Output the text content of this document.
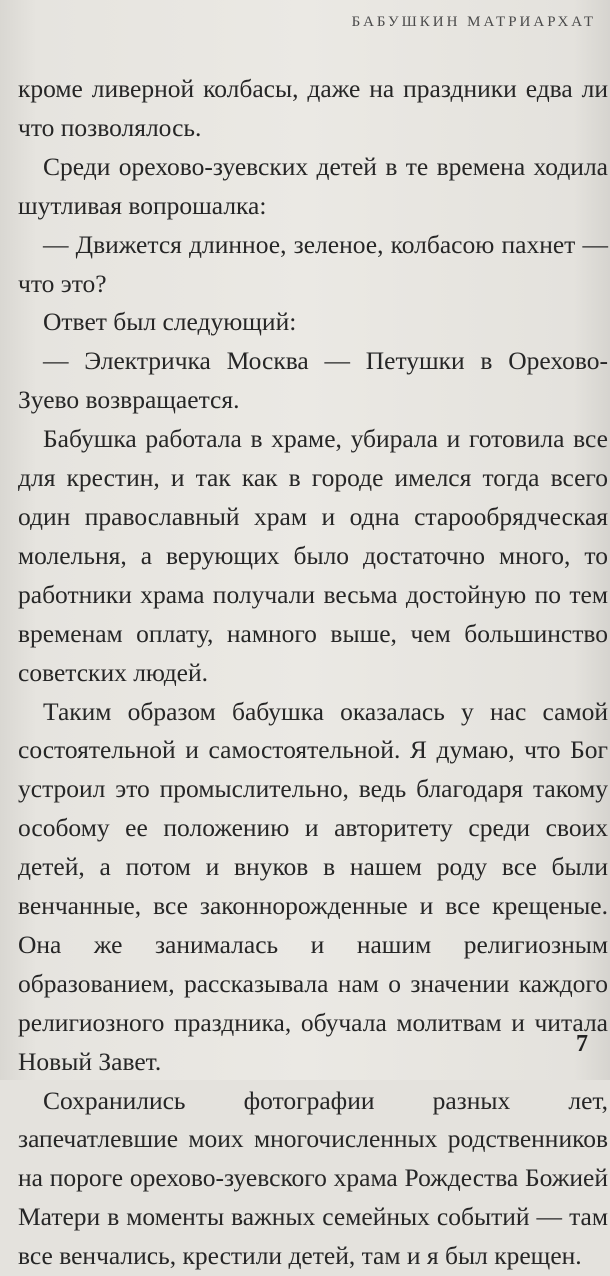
БАБУШКИН МАТРИАРХАТ

кроме ливерной колбасы, даже на праздники едва ли что позволялось.

Среди орехово-зуевских детей в те времена ходила шутливая вопрошалка:

— Движется длинное, зеленое, колбасою пахнет — что это?

Ответ был следующий:

— Электричка Москва — Петушки в Орехово-Зуево возвращается.

Бабушка работала в храме, убирала и готовила все для крестин, и так как в городе имелся тогда всего один православный храм и одна старообрядческая молельня, а верующих было достаточно много, то работники храма получали весьма достойную по тем временам оплату, намного выше, чем большинство советских людей.

Таким образом бабушка оказалась у нас самой состоятельной и самостоятельной. Я думаю, что Бог устроил это промыслительно, ведь благодаря такому особому ее положению и авторитету среди своих детей, а потом и внуков в нашем роду все были венчанные, все законнорожденные и все крещеные. Она же занималась и нашим религиозным образованием, рассказывала нам о значении каждого религиозного праздника, обучала молитвам и читала Новый Завет.

Сохранились фотографии разных лет, запечатлевшие моих многочисленных родственников на пороге орехово-зуевского храма Рождества Божией Матери в моменты важных семейных событий — там все венчались, крестили детей, там и я был крещен.

7
